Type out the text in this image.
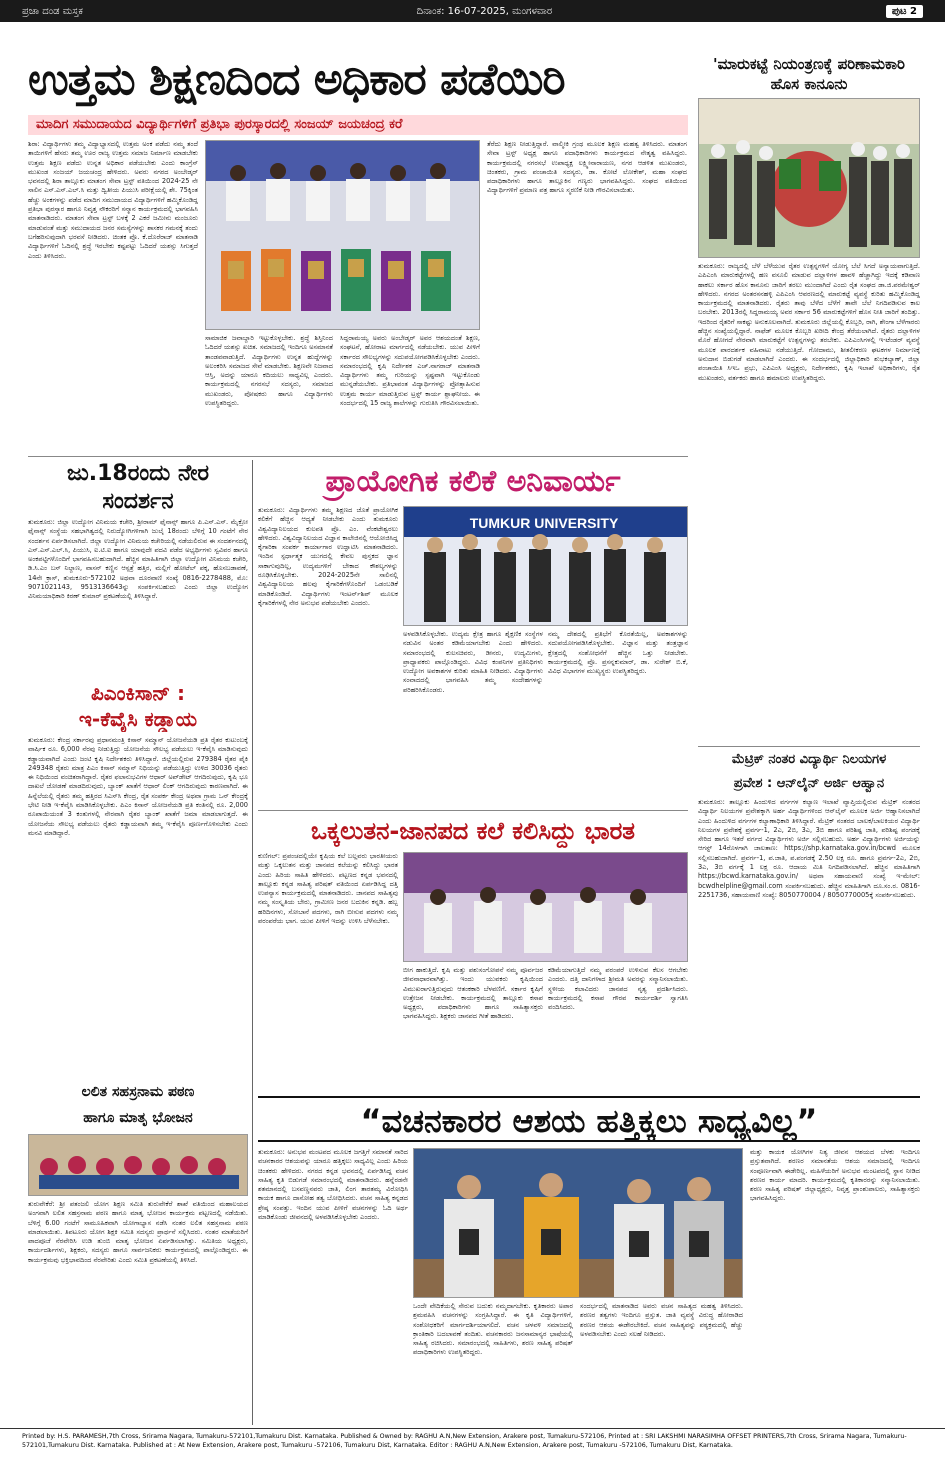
ಪ್ರಜಾ ದಂಡ ಮಸ್ತಕ	ದಿನಾಂಕ: 16-07-2025, ಮಂಗಳವಾರ	ಪುಟ 2
ಉತ್ತಮ ಶಿಕ್ಷಣದಿಂದ ಅಧಿಕಾರ ಪಡೆಯಿರಿ
ಮಾದಿಗ ಸಮುದಾಯದ ವಿದ್ಯಾರ್ಥಿಗಳಿಗೆ ಪ್ರತಿಭಾ ಪುರಸ್ಕಾರದಲ್ಲಿ ಸಂಜಯ್ ಜಯಚಂದ್ರ ಕರೆ
'ಮಾರುಕಟ್ಟೆ ನಿಯಂತ್ರಣಕ್ಕೆ ಪರಿಣಾಮಕಾರಿ ಹೊಸ ಕಾನೂನು
ತುಮಕೂರು: ರಾಜ್ಯದಲ್ಲಿ ಬೆಳೆ ಬೆಳೆಯುವ ರೈತರ ಉತ್ಪನ್ನಗಳಿಗೆ ಯೋಗ್ಯ ಬೆಲೆ ಸಿಗದೆ ಅನ್ಯಾಯವಾಗುತ್ತಿದೆ. ಎಪಿಎಂಸಿ ಮಾರುಕಟ್ಟೆಗಳಲ್ಲಿ ಹಣ ವಸೂಲಿ ಮಾಡುವ ದಲ್ಲಾಳಿಗಳ ಹಾವಳಿ ಹೆಚ್ಚಾಗಿದ್ದು ಇದಕ್ಕೆ ಕಡಿವಾಣ ಹಾಕಲು ಸರ್ಕಾರ ಹೊಸ ಕಾನೂನು ಜಾರಿಗೆ ತರಲು ಮುಂದಾಗಿದೆ ಎಂದು ರೈತ ಸಂಘದ ಡಾ.ಜಿ.ಪರಮೇಶ್ವರ್ ಹೇಳಿದರು. ನಗರದ ಅಂತರಸನಹಳ್ಳಿ ಎಪಿಎಂಸಿ ಆವರಣದಲ್ಲಿ ಮಾರುಕಟ್ಟೆ ವ್ಯವಸ್ಥೆ ಕುರಿತು ಹಮ್ಮಿಕೊಂಡಿದ್ದ ಕಾರ್ಯಕ್ರಮದಲ್ಲಿ ಮಾತನಾಡಿದರು. ರೈತರು ತಾವು ಬೆಳೆದ ಬೆಳೆಗೆ ತಾವೇ ಬೆಲೆ ನಿಗದಿಪಡಿಸುವ ಕಾಲ ಬರಬೇಕು. 2013ರಲ್ಲಿ ಸಿದ್ದರಾಮಯ್ಯ ಅವರ ಸರ್ಕಾರ 56 ಮಾರುಕಟ್ಟೆಗಳಿಗೆ ಹೊಸ ನೀತಿ ಜಾರಿಗೆ ತಂದಿತ್ತು. ಇದರಿಂದ ರೈತರಿಗೆ ಸಾಕಷ್ಟು ಅನುಕೂಲವಾಗಿದೆ. ತುಮಕೂರು ಜಿಲ್ಲೆಯಲ್ಲಿ ಕೊಬ್ಬರಿ, ರಾಗಿ, ಶೇಂಗಾ ಬೆಳೆಗಾರರು ಹೆಚ್ಚಿನ ಸಂಖ್ಯೆಯಲ್ಲಿದ್ದಾರೆ. ನಾಫೆಡ್ ಮೂಲಕ ಕೊಬ್ಬರಿ ಖರೀದಿ ಕೇಂದ್ರ ತೆರೆಯಲಾಗಿದೆ. ರೈತರು ದಲ್ಲಾಳಿಗಳ ಮೊರೆ ಹೋಗದೆ ನೇರವಾಗಿ ಮಾರುಕಟ್ಟೆಗೆ ಉತ್ಪನ್ನಗಳನ್ನು ತರಬೇಕು. ಎಪಿಎಂಸಿಗಳಲ್ಲಿ ಇ-ಟೆಂಡರ್ ವ್ಯವಸ್ಥೆ ಮೂಲಕ ಪಾರದರ್ಶಕ ವಹಿವಾಟು ನಡೆಯುತ್ತಿದೆ. ಗೋದಾಮು, ಶೀತಲೀಕರಣ ಘಟಕಗಳ ನಿರ್ಮಾಣಕ್ಕೆ ಅನುದಾನ ಬಿಡುಗಡೆ ಮಾಡಲಾಗಿದೆ ಎಂದರು. ಈ ಸಂದರ್ಭದಲ್ಲಿ ಜಿಲ್ಲಾಧಿಕಾರಿ ಶುಭಕಲ್ಯಾಣ್, ಜಿಲ್ಲಾ ಪಂಚಾಯಿತಿ ಸಿಇಒ ಪ್ರಭು, ಎಪಿಎಂಸಿ ಅಧ್ಯಕ್ಷರು, ನಿರ್ದೇಶಕರು, ಕೃಷಿ ಇಲಾಖೆ ಅಧಿಕಾರಿಗಳು, ರೈತ ಮುಖಂಡರು, ವರ್ತಕರು ಹಾಗೂ ಹಮಾಲರು ಉಪಸ್ಥಿತರಿದ್ದರು.
ಶಿರಾ: ವಿದ್ಯಾರ್ಥಿಗಳು ತಮ್ಮ ವಿದ್ಯಾಭ್ಯಾಸದಲ್ಲಿ ಉತ್ತಮ ಅಂಕ ಪಡೆದು ನಮ್ಮ ತಂದೆ ತಾಯಿಗಳಿಗೆ ಹೆಸರು ತಮ್ಮ ಊರ ರಾಜ್ಯ ಉತ್ತಮ ಸಮಾಜ ನಿರ್ಮಾಣ ಮಾಡಬೇಕು ಉತ್ತಮ ಶಿಕ್ಷಣ ಪಡೆದು ಉನ್ನತ ಅಧಿಕಾರ ಪಡೆಯಬೇಕು ಎಂದು ಕಾಂಗ್ರೆಸ್ ಮುಖಂಡ ಸಂಜಯ್ ಜಯಚಂದ್ರ ಹೇಳಿದರು. ಅವರು ನಗರದ ಅಂಬೇಡ್ಕರ್ ಭವನದಲ್ಲಿ ಶಿರಾ ತಾಲ್ಲೂಕು ಮಾತಂಗ ಸೇವಾ ಟ್ರಸ್ಟ್ ವತಿಯಿಂದ 2024-25 ನೇ ಸಾಲಿನ ಎಸ್.ಎಸ್.ಎಲ್.ಸಿ ಮತ್ತು ದ್ವಿತೀಯ ಪಿಯುಸಿ ಪರೀಕ್ಷೆಯಲ್ಲಿ ಶೇ. 75ಕ್ಕಿಂತ ಹೆಚ್ಚು ಅಂಕಗಳನ್ನು ಪಡೆದ ಮಾದಿಗ ಸಮುದಾಯದ ವಿದ್ಯಾರ್ಥಿಗಳಿಗೆ ಹಮ್ಮಿಕೊಂಡಿದ್ದ ಪ್ರತಿಭಾ ಪುರಸ್ಕಾರ ಹಾಗೂ ನಿವೃತ್ತ ನೌಕರರಿಗೆ ಸನ್ಮಾನ ಕಾರ್ಯಕ್ರಮದಲ್ಲಿ ಭಾಗವಹಿಸಿ ಮಾತನಾಡಿದರು. ಮಾತಂಗ ಸೇವಾ ಟ್ರಸ್ಟ್ ಬಳಕ್ಕೆ 2 ಎಕರೆ ಜಮೀನು ಮಂಜೂರು ಮಾಡುವಂತೆ ಮತ್ತು ಸಮುದಾಯದ ಜನರ ಸಮಸ್ಯೆಗಳನ್ನು ಶಾಸಕರ ಗಮನಕ್ಕೆ ತಂದು ಬಗೆಹರಿಸುವುದಾಗಿ ಭರವಸೆ ನೀಡಿದರು. ಚಿಂತಕ ಪ್ರೊ. ಕೆ.ದೊರೆರಾಜ್ ಮಾತನಾಡಿ ವಿದ್ಯಾರ್ಥಿಗಳಿಗೆ ಓದಿನಲ್ಲಿ ಶ್ರದ್ಧೆ ಇರಬೇಕು ಕಷ್ಟಪಟ್ಟು ಓದಿದರೆ ಯಶಸ್ಸು ಸಿಗುತ್ತದೆ ಎಂದು ತಿಳಿಸಿದರು.
ಸಾಮಾಜಿಕ ಜವಾಬ್ದಾರಿ ಇಟ್ಟುಕೊಳ್ಳಬೇಕು. ಶ್ರದ್ಧೆ ಶಿಸ್ತಿನಿಂದ ಓದಿದರೆ ಯಶಸ್ಸು ಖಚಿತ. ಸಮಾಜದಲ್ಲಿ ಇಂದಿಗೂ ಅಸಮಾನತೆ ತಾಂಡವವಾಡುತ್ತಿದೆ. ವಿದ್ಯಾರ್ಥಿಗಳು ಉನ್ನತ ಹುದ್ದೆಗಳನ್ನು ಅಲಂಕರಿಸಿ ಸಮಾಜದ ಸೇವೆ ಮಾಡಬೇಕು. ಶಿಕ್ಷಣವೇ ನಿಜವಾದ ಆಸ್ತಿ, ಅದನ್ನು ಯಾರೂ ಕದಿಯಲು ಸಾಧ್ಯವಿಲ್ಲ ಎಂದರು. ಕಾರ್ಯಕ್ರಮದಲ್ಲಿ ನಗರಸಭೆ ಸದಸ್ಯರು, ಸಮಾಜದ ಮುಖಂಡರು, ಪೋಷಕರು ಹಾಗೂ ವಿದ್ಯಾರ್ಥಿಗಳು ಉಪಸ್ಥಿತರಿದ್ದರು.
ಸಿದ್ದರಾಮಯ್ಯ ಅವರು ಅಂಬೇಡ್ಕರ್ ಅವರ ಆಶಯದಂತೆ ಶಿಕ್ಷಣ, ಸಂಘಟನೆ, ಹೋರಾಟ ಮಾರ್ಗದಲ್ಲಿ ನಡೆಯಬೇಕು. ಯುವ ಪೀಳಿಗೆ ಸರ್ಕಾರದ ಸೌಲಭ್ಯಗಳನ್ನು ಸದುಪಯೋಗಪಡಿಸಿಕೊಳ್ಳಬೇಕು ಎಂದರು. ಸಮಾರಂಭದಲ್ಲಿ ಕೃಷಿ ನಿರ್ದೇಶಕ ಎಚ್.ನಾಗರಾಜ್ ಮಾತನಾಡಿ ವಿದ್ಯಾರ್ಥಿಗಳು ತಮ್ಮ ಗುರಿಯನ್ನು ಸ್ಪಷ್ಟವಾಗಿ ಇಟ್ಟುಕೊಂಡು ಮುನ್ನಡೆಯಬೇಕು. ಪ್ರತಿಭಾವಂತ ವಿದ್ಯಾರ್ಥಿಗಳನ್ನು ಪ್ರೋತ್ಸಾಹಿಸುವ ಉತ್ತಮ ಕಾರ್ಯ ಮಾಡುತ್ತಿರುವ ಟ್ರಸ್ಟ್ ಕಾರ್ಯ ಶ್ಲಾಘನೀಯ. ಈ ಸಂದರ್ಭದಲ್ಲಿ 15 ರಾಜ್ಯ ಶಾಲೆಗಳನ್ನು ಗುರುತಿಸಿ ಗೌರವಿಸಲಾಯಿತು.
ತೆರೆದು ಶಿಕ್ಷಣ ನೀಡುತ್ತಿದ್ದಾರೆ. ವಾಲ್ಮೀಕಿ ಗ್ರಂಥ ಮೂಲಕ ಶಿಕ್ಷಣ ಮಹತ್ವ ತಿಳಿಸಿದರು. ಮಾತಂಗ ಸೇವಾ ಟ್ರಸ್ಟ್ ಅಧ್ಯಕ್ಷ ಹಾಗೂ ಪದಾಧಿಕಾರಿಗಳು ಕಾರ್ಯಕ್ರಮದ ನೇತೃತ್ವ ವಹಿಸಿದ್ದರು. ಕಾರ್ಯಕ್ರಮದಲ್ಲಿ ನಗರಸಭೆ ಉಪಾಧ್ಯಕ್ಷ ಲಕ್ಷ್ಮೀನಾರಾಯಣ, ನಗರ ಆಡಳಿತ ಮುಖಂಡರು, ಚಿಂತಕರು, ಗ್ರಾಮ ಪಂಚಾಯಿತಿ ಸದಸ್ಯರು, ಡಾ. ಕೋಟೆ ಲೋಕೇಶ್, ಮಹಾ ಸಂಘದ ಪದಾಧಿಕಾರಿಗಳು ಹಾಗೂ ತಾಲ್ಲೂಕಿನ ಗಣ್ಯರು ಭಾಗವಹಿಸಿದ್ದರು. ಸಂಘದ ವತಿಯಿಂದ ವಿದ್ಯಾರ್ಥಿಗಳಿಗೆ ಪ್ರಮಾಣ ಪತ್ರ ಹಾಗೂ ಸ್ಮರಣಿಕೆ ನೀಡಿ ಗೌರವಿಸಲಾಯಿತು.
ಜು.18ರಂದು ನೇರ
ಸಂದರ್ಶನ
ತುಮಕೂರು: ಜಿಲ್ಲಾ ಉದ್ಯೋಗ ವಿನಿಮಯ ಕಚೇರಿ, ಶ್ರೀರಾಮ್ ಫೈನಾನ್ಸ್ ಹಾಗೂ ಪಿ.ಎಸ್.ಎಸ್. ಮೈಕ್ರೋ ಫೈನಾನ್ಸ್ ಸಂಸ್ಥೆಯ ಸಹಭಾಗಿತ್ವದಲ್ಲಿ ನಿರುದ್ಯೋಗಿಗಳಿಗಾಗಿ ಜುಲೈ 18ರಂದು ಬೆಳಿಗ್ಗೆ 10 ಗಂಟೆಗೆ ನೇರ ಸಂದರ್ಶನ ಏರ್ಪಡಿಸಲಾಗಿದೆ. ಜಿಲ್ಲಾ ಉದ್ಯೋಗ ವಿನಿಮಯ ಕಚೇರಿಯಲ್ಲಿ ನಡೆಯಲಿರುವ ಈ ಸಂದರ್ಶನದಲ್ಲಿ ಎಸ್.ಎಸ್.ಎಲ್.ಸಿ, ಪಿಯುಸಿ, ಐ.ಟಿ.ಐ ಹಾಗೂ ಯಾವುದೇ ಪದವಿ ಪಡೆದ ಅಭ್ಯರ್ಥಿಗಳು ಸ್ವವಿವರ ಹಾಗೂ ಅಂಕಪಟ್ಟಿಗಳೊಂದಿಗೆ ಭಾಗವಹಿಸಬಹುದಾಗಿದೆ. ಹೆಚ್ಚಿನ ಮಾಹಿತಿಗಾಗಿ ಜಿಲ್ಲಾ ಉದ್ಯೋಗ ವಿನಿಮಯ ಕಚೇರಿ, ಡಿ.ಸಿ.ಎಂ ಬಸ್ ನಿಲ್ದಾಣ, ವಾಸನ್ ಕಣ್ಣಿನ ಆಸ್ಪತ್ರೆ ಹತ್ತಿರ, ಮಲ್ಲಿಗೆ ಹೋಟೆಲ್ ಪಕ್ಕ, ಹೊಸಬಡಾವಣೆ, 14ನೇ ಕ್ರಾಸ್, ತುಮಕೂರು-572102 ಅಥವಾ ದೂರವಾಣಿ ಸಂಖ್ಯೆ 0816-2278488, ಮೊ: 9071021143, 9513136643ನ್ನು ಸಂಪರ್ಕಿಸಬಹುದು ಎಂದು ಜಿಲ್ಲಾ ಉದ್ಯೋಗ ವಿನಿಮಯಾಧಿಕಾರಿ ಕಿರಣ್ ಕುಮಾರ್ ಪ್ರಕಟಣೆಯಲ್ಲಿ ತಿಳಿಸಿದ್ದಾರೆ.
ಪಿಎಂಕಿಸಾನ್ :
ಇ-ಕೆವೈಸಿ ಕಡ್ಡಾಯ
ತುಮಕೂರು: ಕೇಂದ್ರ ಸರ್ಕಾರವು ಪ್ರಧಾನಮಂತ್ರಿ ಕಿಸಾನ್ ಸಮ್ಮಾನ್ ಯೋಜನೆಯಡಿ ಪ್ರತಿ ರೈತರ ಕುಟುಂಬಕ್ಕೆ ವಾರ್ಷಿಕ ರೂ. 6,000 ನೆರವು ನೀಡುತ್ತಿದ್ದು ಯೋಜನೆಯ ಸೌಲಭ್ಯ ಪಡೆಯಲು ಇ-ಕೆವೈಸಿ ಮಾಡಿಸುವುದು ಕಡ್ಡಾಯವಾಗಿದೆ ಎಂದು ಜಂಟಿ ಕೃಷಿ ನಿರ್ದೇಶಕರು ತಿಳಿಸಿದ್ದಾರೆ. ಜಿಲ್ಲೆಯಲ್ಲಿರುವ 279384 ರೈತರ ಪೈಕಿ 249348 ರೈತರು ಮಾತ್ರ ಪಿಎಂ ಕಿಸಾನ್ ಸಮ್ಮಾನ್ ನಿಧಿಯನ್ನು ಪಡೆಯುತ್ತಿದ್ದು ಉಳಿದ 30036 ರೈತರು ಈ ನಿಧಿಯಿಂದ ವಂಚಿತರಾಗಿದ್ದಾರೆ. ರೈತರ ಫಲಾನುಭವಿಗಳ ಆಧಾರ್ ಅಪ್‌ಡೇಟ್ ಆಗದಿರುವುದು, ಕೃಷಿ ಭೂ ದಾಖಲೆ ಜೋಡಣೆ ಮಾಡದಿರುವುದು, ಬ್ಯಾಂಕ್ ಖಾತೆಗೆ ಆಧಾರ್ ಲಿಂಕ್ ಆಗದಿರುವುದು ಕಾರಣವಾಗಿದೆ. ಈ ಹಿನ್ನೆಲೆಯಲ್ಲಿ ರೈತರು ತಮ್ಮ ಹತ್ತಿರದ ಸಿಎಸ್‌ಸಿ ಕೇಂದ್ರ, ರೈತ ಸಂಪರ್ಕ ಕೇಂದ್ರ ಅಥವಾ ಗ್ರಾಮ ಒನ್ ಕೇಂದ್ರಕ್ಕೆ ಭೇಟಿ ನೀಡಿ ಇ-ಕೆವೈಸಿ ಮಾಡಿಸಿಕೊಳ್ಳಬೇಕು. ಪಿಎಂ ಕಿಸಾನ್ ಯೋಜನೆಯಡಿ ಪ್ರತಿ ಕಂತಿನಲ್ಲಿ ರೂ. 2,000 ರೂಪಾಯಿಯಂತೆ 3 ಕಂತುಗಳಲ್ಲಿ ನೇರವಾಗಿ ರೈತರ ಬ್ಯಾಂಕ್ ಖಾತೆಗೆ ಜಮಾ ಮಾಡಲಾಗುತ್ತದೆ. ಈ ಯೋಜನೆಯ ಸೌಲಭ್ಯ ಪಡೆಯಲು ರೈತರು ಕಡ್ಡಾಯವಾಗಿ ತಮ್ಮ ಇ-ಕೆವೈಸಿ ಪೂರ್ಣಗೊಳಿಸಬೇಕು ಎಂದು ಮನವಿ ಮಾಡಿದ್ದಾರೆ.
ಲಲಿತ ಸಹಸ್ರನಾಮ ಪಠಣ
ಹಾಗೂ ಮಾತೃ ಭೋಜನ
ತುರುವೇಕೆರೆ: ಶ್ರೀ ಪತಂಜಲಿ ಯೋಗ ಶಿಕ್ಷಣ ಸಮಿತಿ ತುರುವೇಕೆರೆ ಶಾಖೆ ವತಿಯಿಂದ ಮಹಾಲಯದ ಅಂಗವಾಗಿ ಲಲಿತ ಸಹಸ್ರನಾಮ ಪಠಣ ಹಾಗೂ ಮಾತೃ ಭೋಜನ ಕಾರ್ಯಕ್ರಮ ಪಟ್ಟಣದಲ್ಲಿ ನಡೆಯಿತು. ಬೆಳಿಗ್ಗೆ 6.00 ಗಂಟೆಗೆ ಸಾಮೂಹಿಕವಾಗಿ ಯೋಗಾಭ್ಯಾಸ ನಡೆಸಿ ನಂತರ ಲಲಿತ ಸಹಸ್ರನಾಮ ಪಠಣ ಮಾಡಲಾಯಿತು. ತಿಪಟೂರು ಯೋಗ ಶಿಕ್ಷಕಿ ಸಮಿತಿ ಸದಸ್ಯರು ಪ್ರಾರ್ಥನೆ ಸಲ್ಲಿಸಿದರು. ನಂತರ ಮಾತೆಯರಿಗೆ ಪಾದಪೂಜೆ ನೆರವೇರಿಸಿ ಉಡಿ ತುಂಬಿ ಮಾತೃ ಭೋಜನ ಏರ್ಪಡಿಸಲಾಗಿತ್ತು. ಸಮಿತಿಯ ಅಧ್ಯಕ್ಷರು, ಕಾರ್ಯದರ್ಶಿಗಳು, ಶಿಕ್ಷಕರು, ಸದಸ್ಯರು ಹಾಗೂ ಸಾರ್ವಜನಿಕರು ಕಾರ್ಯಕ್ರಮದಲ್ಲಿ ಪಾಲ್ಗೊಂಡಿದ್ದರು. ಈ ಕಾರ್ಯಕ್ರಮವು ಭಕ್ತಿಭಾವದಿಂದ ನೆರವೇರಿತು ಎಂದು ಸಮಿತಿ ಪ್ರಕಟಣೆಯಲ್ಲಿ ತಿಳಿಸಿದೆ.
ಪ್ರಾಯೋಗಿಕ ಕಲಿಕೆ ಅನಿವಾರ್ಯ
ತುಮಕೂರು: ವಿದ್ಯಾರ್ಥಿಗಳು ತಮ್ಮ ಶಿಕ್ಷಣದ ಜೊತೆ ಪ್ರಾಯೋಗಿಕ ಕಲಿಕೆಗೆ ಹೆಚ್ಚಿನ ಆದ್ಯತೆ ನೀಡಬೇಕು ಎಂದು ತುಮಕೂರು ವಿಶ್ವವಿದ್ಯಾನಿಲಯದ ಕುಲಪತಿ ಪ್ರೊ. ಎಂ. ವೆಂಕಟೇಶ್ವರಲು ಹೇಳಿದರು. ವಿಶ್ವವಿದ್ಯಾನಿಲಯದ ವಿಜ್ಞಾನ ಕಾಲೇಜಿನಲ್ಲಿ ಆಯೋಜಿಸಿದ್ದ ಕೈಗಾರಿಕಾ ಸಂಪರ್ಕ ಕಾರ್ಯಾಗಾರ ಉದ್ಘಾಟಿಸಿ ಮಾತನಾಡಿದರು. ಇಂದಿನ ಸ್ಪರ್ಧಾತ್ಮಕ ಯುಗದಲ್ಲಿ ಕೇವಲ ಪುಸ್ತಕದ ಜ್ಞಾನ ಸಾಕಾಗುವುದಿಲ್ಲ, ಉದ್ಯಮಗಳಿಗೆ ಬೇಕಾದ ಕೌಶಲ್ಯಗಳನ್ನು ರೂಢಿಸಿಕೊಳ್ಳಬೇಕು. 2024-2025ನೇ ಸಾಲಿನಲ್ಲಿ ವಿಶ್ವವಿದ್ಯಾನಿಲಯ ಹಲವು ಕೈಗಾರಿಕೆಗಳೊಂದಿಗೆ ಒಡಂಬಡಿಕೆ ಮಾಡಿಕೊಂಡಿದೆ. ವಿದ್ಯಾರ್ಥಿಗಳು ಇಂಟರ್ನ್‌ಶಿಪ್ ಮೂಲಕ ಕೈಗಾರಿಕೆಗಳಲ್ಲಿ ನೇರ ಅನುಭವ ಪಡೆಯಬೇಕು ಎಂದರು.
TUMKUR UNIVERSITY
ಅಳವಡಿಸಿಕೊಳ್ಳಬೇಕು. ಉದ್ಯಮ ಕ್ಷೇತ್ರ ಹಾಗೂ ಶೈಕ್ಷಣಿಕ ಸಂಸ್ಥೆಗಳ ನಡುವಿನ ಅಂತರ ಕಡಿಮೆಯಾಗಬೇಕು ಎಂದು ಹೇಳಿದರು. ಸಮಾರಂಭದಲ್ಲಿ ಕುಲಸಚಿವರು, ಡೀನರು, ಉದ್ಯಮಿಗಳು, ಪ್ರಾಧ್ಯಾಪಕರು ಪಾಲ್ಗೊಂಡಿದ್ದರು. ವಿವಿಧ ಕಂಪನಿಗಳ ಪ್ರತಿನಿಧಿಗಳು ಉದ್ಯೋಗ ಅವಕಾಶಗಳ ಕುರಿತು ಮಾಹಿತಿ ನೀಡಿದರು. ವಿದ್ಯಾರ್ಥಿಗಳು ಸಂವಾದದಲ್ಲಿ ಭಾಗವಹಿಸಿ ತಮ್ಮ ಸಂದೇಹಗಳನ್ನು ಪರಿಹರಿಸಿಕೊಂಡರು.
ನಮ್ಮ ದೇಶದಲ್ಲಿ ಪ್ರತಿಭೆಗೆ ಕೊರತೆಯಿಲ್ಲ, ಅವಕಾಶಗಳನ್ನು ಸದುಪಯೋಗಪಡಿಸಿಕೊಳ್ಳಬೇಕು. ವಿಜ್ಞಾನ ಮತ್ತು ತಂತ್ರಜ್ಞಾನ ಕ್ಷೇತ್ರದಲ್ಲಿ ಸಂಶೋಧನೆಗೆ ಹೆಚ್ಚಿನ ಒತ್ತು ನೀಡಬೇಕು. ಕಾರ್ಯಕ್ರಮದಲ್ಲಿ ಪ್ರೊ. ಪ್ರಸನ್ನಕುಮಾರ್, ಡಾ. ಸುರೇಶ್ ಬಿ.ಕೆ, ವಿವಿಧ ವಿಭಾಗಗಳ ಮುಖ್ಯಸ್ಥರು ಉಪಸ್ಥಿತರಿದ್ದರು.
ಒಕ್ಕಲುತನ-ಜಾನಪದ ಕಲೆ ಕಲಿಸಿದ್ದು ಭಾರತ
ಕುಣಿಗಲ್: ಪ್ರಪಂಚದಲ್ಲಿಯೇ ಕೃಷಿಯ ಕಲೆ ಬಲ್ಲವರು ಭಾರತೀಯರು ಮತ್ತು ಒಕ್ಕಲುತನ ಮತ್ತು ಜಾನಪದ ಕಲೆಯನ್ನು ಕಲಿಸಿದ್ದು ಭಾರತ ಎಂದು ಹಿರಿಯ ಸಾಹಿತಿ ಹೇಳಿದರು. ಪಟ್ಟಣದ ಕನ್ನಡ ಭವನದಲ್ಲಿ ತಾಲ್ಲೂಕು ಕನ್ನಡ ಸಾಹಿತ್ಯ ಪರಿಷತ್ ವತಿಯಿಂದ ಏರ್ಪಡಿಸಿದ್ದ ದತ್ತಿ ಉಪನ್ಯಾಸ ಕಾರ್ಯಕ್ರಮದಲ್ಲಿ ಮಾತನಾಡಿದರು. ಜಾನಪದ ಸಾಹಿತ್ಯವು ನಮ್ಮ ಸಂಸ್ಕೃತಿಯ ಬೇರು, ಗ್ರಾಮೀಣ ಜನರ ಬದುಕಿನ ಕನ್ನಡಿ. ಹಬ್ಬ ಹರಿದಿನಗಳು, ಸೋಬಾನೆ ಪದಗಳು, ರಾಗಿ ಬೀಸುವ ಪದಗಳು ನಮ್ಮ ಪರಂಪರೆಯ ಭಾಗ. ಯುವ ಪೀಳಿಗೆ ಇದನ್ನು ಉಳಿಸಿ ಬೆಳೆಸಬೇಕು.
ಬೀಗ ಹಾಕುತ್ತಿದೆ. ಕೃಷಿ ಮತ್ತು ಪಶುಸಂಗೋಪನೆ ನಮ್ಮ ಪೂರ್ವಜರ ಜೀವನಾಧಾರವಾಗಿತ್ತು. ಇಂದು ಯುವಕರು ಕೃಷಿಯಿಂದ ವಿಮುಖರಾಗುತ್ತಿರುವುದು ಆತಂಕಕಾರಿ ಬೆಳವಣಿಗೆ. ಸರ್ಕಾರ ಕೃಷಿಗೆ ಉತ್ತೇಜನ ನೀಡಬೇಕು. ಕಾರ್ಯಕ್ರಮದಲ್ಲಿ ತಾಲ್ಲೂಕು ಕಸಾಪ ಅಧ್ಯಕ್ಷರು, ಪದಾಧಿಕಾರಿಗಳು ಹಾಗೂ ಸಾಹಿತ್ಯಾಸಕ್ತರು ಭಾಗವಹಿಸಿದ್ದರು. ಶಿಕ್ಷಕರು ಜಾನಪದ ಗೀತೆ ಹಾಡಿದರು.
ಕಡಿಮೆಯಾಗುತ್ತಿದೆ ನಮ್ಮ ಪರಂಪರೆ ಉಳಿಸುವ ಕೆಲಸ ಆಗಬೇಕು ಎಂದರು. ದತ್ತಿ ದಾನಿಗಳಾದ ಶ್ರೀಮತಿ ಅವರನ್ನು ಸನ್ಮಾನಿಸಲಾಯಿತು. ಸ್ಥಳೀಯ ಕಲಾವಿದರು ಜಾನಪದ ನೃತ್ಯ ಪ್ರದರ್ಶಿಸಿದರು. ಕಾರ್ಯಕ್ರಮದಲ್ಲಿ ಕಸಾಪ ಗೌರವ ಕಾರ್ಯದರ್ಶಿ ಸ್ವಾಗತಿಸಿ ವಂದಿಸಿದರು.
ಮೆಟ್ರಿಕ್ ನಂತರ ವಿದ್ಯಾರ್ಥಿ ನಿಲಯಗಳ
ಪ್ರವೇಶ : ಆನ್‌ಲೈನ್ ಅರ್ಜಿ ಆಹ್ವಾನ
ತುಮಕೂರು: ತಾಲ್ಲೂಕು ಹಿಂದುಳಿದ ವರ್ಗಗಳ ಕಲ್ಯಾಣ ಇಲಾಖೆ ವ್ಯಾಪ್ತಿಯಲ್ಲಿರುವ ಮೆಟ್ರಿಕ್ ನಂತರದ ವಿದ್ಯಾರ್ಥಿ ನಿಲಯಗಳ ಪ್ರವೇಶಕ್ಕಾಗಿ ಅರ್ಹ ವಿದ್ಯಾರ್ಥಿಗಳಿಂದ ಆನ್‌ಲೈನ್ ಮೂಲಕ ಅರ್ಜಿ ಆಹ್ವಾನಿಸಲಾಗಿದೆ ಎಂದು ಹಿಂದುಳಿದ ವರ್ಗಗಳ ಕಲ್ಯಾಣಾಧಿಕಾರಿ ತಿಳಿಸಿದ್ದಾರೆ. ಮೆಟ್ರಿಕ್ ನಂತರದ ಬಾಲಕ/ಬಾಲಕಿಯರ ವಿದ್ಯಾರ್ಥಿ ನಿಲಯಗಳ ಪ್ರವೇಶಕ್ಕೆ ಪ್ರವರ್ಗ-1, 2ಎ, 2ಬಿ, 3ಎ, 3ಬಿ ಹಾಗೂ ಪರಿಶಿಷ್ಟ ಜಾತಿ, ಪರಿಶಿಷ್ಟ ಪಂಗಡಕ್ಕೆ ಸೇರಿದ ಹಾಗೂ ಇತರೆ ವರ್ಗದ ವಿದ್ಯಾರ್ಥಿಗಳು ಅರ್ಜಿ ಸಲ್ಲಿಸಬಹುದು. ಅರ್ಹ ವಿದ್ಯಾರ್ಥಿಗಳು ಅರ್ಜಿಯನ್ನು ಆಗಸ್ಟ್ 14ರೊಳಗಾಗಿ ಜಾಲತಾಣ: https://shp.karnataka.gov.in/bcwd ಮೂಲಕ ಸಲ್ಲಿಸಬಹುದಾಗಿದೆ. ಪ್ರವರ್ಗ-1, ಪ.ಜಾತಿ, ಪ.ಪಂಗಡಕ್ಕೆ 2.50 ಲಕ್ಷ ರೂ. ಹಾಗೂ ಪ್ರವರ್ಗ-2ಎ, 2ಬಿ, 3ಎ, 3ಬಿ ವರ್ಗಕ್ಕೆ 1 ಲಕ್ಷ ರೂ. ಆದಾಯ ಮಿತಿ ನಿಗದಿಪಡಿಸಲಾಗಿದೆ. ಹೆಚ್ಚಿನ ಮಾಹಿತಿಗಾಗಿ https://bcwd.karnataka.gov.in/ ಅಥವಾ ಸಹಾಯವಾಣಿ ಸಂಖ್ಯೆ ಇ-ಮೇಲ್: bcwdhelpline@gmail.com ಸಂಪರ್ಕಿಸಬಹುದು. ಹೆಚ್ಚಿನ ಮಾಹಿತಿಗಾಗಿ ದೂ.ಸಂ.ರ. 0816-2251736, ಸಹಾಯವಾಣಿ ಸಂಖ್ಯೆ: 8050770004 / 8050770005ಕ್ಕೆ ಸಂಪರ್ಕಿಸಬಹುದು.
“ವಚನಕಾರರ ಆಶಯ ಹತ್ತಿಕ್ಕಲು ಸಾಧ್ಯವಿಲ್ಲ”
ತುಮಕೂರು: ಅನುಭವ ಮಂಟಪದ ಮೂಲಕ ಜಗತ್ತಿಗೆ ಸಮಾನತೆ ಸಾರಿದ ವಚನಕಾರರ ಆಶಯವನ್ನು ಯಾರೂ ಹತ್ತಿಕ್ಕಲು ಸಾಧ್ಯವಿಲ್ಲ ಎಂದು ಹಿರಿಯ ಚಿಂತಕರು ಹೇಳಿದರು. ನಗರದ ಕನ್ನಡ ಭವನದಲ್ಲಿ ಏರ್ಪಡಿಸಿದ್ದ ವಚನ ಸಾಹಿತ್ಯ ಕೃತಿ ಬಿಡುಗಡೆ ಸಮಾರಂಭದಲ್ಲಿ ಮಾತನಾಡಿದರು. ಹನ್ನೆರಡನೇ ಶತಮಾನದಲ್ಲಿ ಬಸವಣ್ಣನವರು ಜಾತಿ, ಲಿಂಗ ತಾರತಮ್ಯ ವಿರೋಧಿಸಿ ಕಾಯಕ ಹಾಗೂ ದಾಸೋಹ ತತ್ವ ಬೋಧಿಸಿದರು. ವಚನ ಸಾಹಿತ್ಯ ಕನ್ನಡದ ಶ್ರೇಷ್ಠ ಸಂಪತ್ತು. ಇಂದಿನ ಯುವ ಪೀಳಿಗೆ ವಚನಗಳನ್ನು ಓದಿ ಅರ್ಥ ಮಾಡಿಕೊಂಡು ಜೀವನದಲ್ಲಿ ಅಳವಡಿಸಿಕೊಳ್ಳಬೇಕು ಎಂದರು.
ಒಂದೇ ವೇದಿಕೆಯಲ್ಲಿ ಸೇರುವ ಬದುಕು ನಮ್ಮದಾಗಬೇಕು. ಕೃತಿಕಾರರು ಅಪಾರ ಶ್ರಮವಹಿಸಿ ವಚನಗಳನ್ನು ಸಂಗ್ರಹಿಸಿದ್ದಾರೆ. ಈ ಕೃತಿ ವಿದ್ಯಾರ್ಥಿಗಳಿಗೆ, ಸಂಶೋಧಕರಿಗೆ ಮಾರ್ಗದರ್ಶಿಯಾಗಲಿದೆ. ವಚನ ಚಳವಳಿ ಸಮಾಜದಲ್ಲಿ ಕ್ರಾಂತಿಕಾರಿ ಬದಲಾವಣೆ ತಂದಿತು. ವಚನಕಾರರು ಜನಸಾಮಾನ್ಯರ ಭಾಷೆಯಲ್ಲಿ ಸಾಹಿತ್ಯ ರಚಿಸಿದರು. ಸಮಾರಂಭದಲ್ಲಿ ಸಾಹಿತಿಗಳು, ಶರಣ ಸಾಹಿತ್ಯ ಪರಿಷತ್ ಪದಾಧಿಕಾರಿಗಳು ಉಪಸ್ಥಿತರಿದ್ದರು.
ಸಂದರ್ಭದಲ್ಲಿ ಮಾತನಾಡಿದ ಅವರು ವಚನ ಸಾಹಿತ್ಯದ ಮಹತ್ವ ತಿಳಿಸಿದರು. ಶರಣರ ತತ್ವಗಳು ಇಂದಿಗೂ ಪ್ರಸ್ತುತ. ಜಾತಿ ವ್ಯವಸ್ಥೆ ವಿರುದ್ಧ ಹೋರಾಡಿದ ಶರಣರ ಆಶಯ ಈಡೇರಬೇಕಿದೆ. ವಚನ ಸಾಹಿತ್ಯವನ್ನು ಪಠ್ಯಕ್ರಮದಲ್ಲಿ ಹೆಚ್ಚು ಅಳವಡಿಸಬೇಕು ಎಂದು ಸಲಹೆ ನೀಡಿದರು.
ಮತ್ತು ಕಾಯಕ ಯೋಗಿಗಳ ನಿತ್ಯ ಜೀವನ ಆಶಯದ ಬೆಳಕು ಇಂದಿಗೂ ಪ್ರಸ್ತುತವಾಗಿದೆ. ಶರಣರ ಸಮಾನತೆಯ ಆಶಯ ಸಮಾಜದಲ್ಲಿ ಇಂದಿಗೂ ಸಂಪೂರ್ಣವಾಗಿ ಈಡೇರಿಲ್ಲ. ಮಹಿಳೆಯರಿಗೆ ಅನುಭವ ಮಂಟಪದಲ್ಲಿ ಸ್ಥಾನ ನೀಡಿದ ಶರಣರ ಕಾರ್ಯ ಮಾದರಿ. ಕಾರ್ಯಕ್ರಮದಲ್ಲಿ ಕೃತಿಕಾರರನ್ನು ಸನ್ಮಾನಿಸಲಾಯಿತು. ಶರಣ ಸಾಹಿತ್ಯ ಪರಿಷತ್ ಜಿಲ್ಲಾಧ್ಯಕ್ಷರು, ನಿವೃತ್ತ ಪ್ರಾಂಶುಪಾಲರು, ಸಾಹಿತ್ಯಾಸಕ್ತರು ಭಾಗವಹಿಸಿದ್ದರು.
Printed by: H.S. PARAMESH,7th Cross, Srirama Nagara, Tumakuru-572101,Tumakuru Dist. Karnataka. Published & Owned by: RAGHU A.N,New Extension, Arakere post, Tumakuru-572106, Printed at : SRI LAKSHMI NARASIMHA OFFSET PRINTERS,7th Cross, Srirama Nagara, Tumakuru-572101,Tumakuru Dist. Karnataka. Published at : At New Extension, Arakere post, Tumakuru -572106, Tumakuru Dist, Karnataka. Editor : RAGHU A.N,New Extension, Arakere post, Tumakuru -572106, Tumakuru Dist, Karnataka.
